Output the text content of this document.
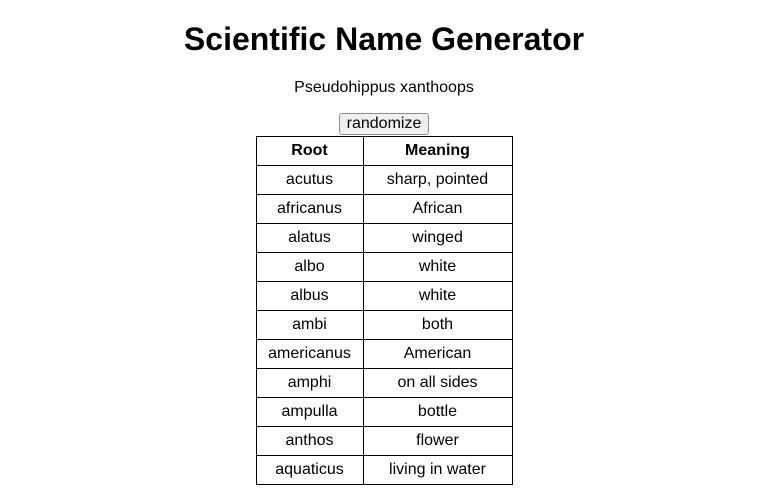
Scientific Name Generator

Pseudohippus xanthoops

randomize
Root	Meaning
acutus	sharp, pointed
africanus	African
alatus	winged
albo	white
albus	white
ambi	both
americanus	American
amphi	on all sides
ampulla	bottle
anthos	flower
aquaticus	living in water
